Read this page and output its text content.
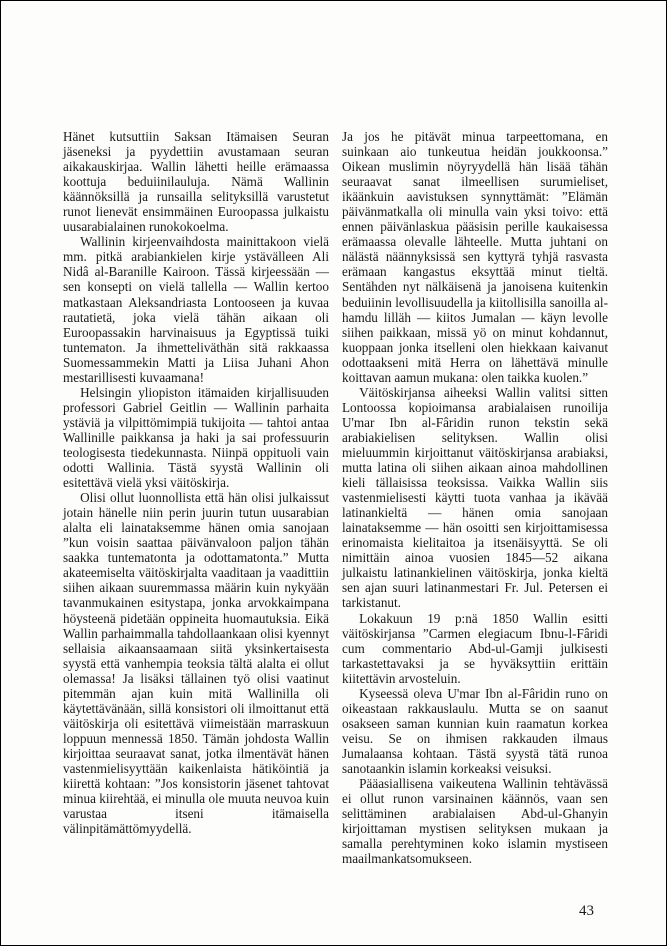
Hänet kutsuttiin Saksan Itämaisen Seuran jäseneksi ja pyydettiin avustamaan seuran aikakauskirjaa. Wallin lähetti heille erämaassa koottuja beduiinilauluja. Nämä Wallinin käännöksillä ja runsailla selityksillä varustetut runot lienevät ensimmäinen Euroopassa julkaistu uusarabialainen runokokoelma.

Wallinin kirjeenvaihdosta mainittakoon vielä mm. pitkä arabiankielen kirje ystävälleen Ali Nidâ al-Baranille Kairoon. Tässä kirjeessään — sen konsepti on vielä tallella — Wallin kertoo matkastaan Aleksandriasta Lontooseen ja kuvaa rautatietä, joka vielä tähän aikaan oli Euroopassakin harvinaisuus ja Egyptissä tuiki tuntematon. Ja ihmetteliväthän sitä rakkaassa Suomessammekin Matti ja Liisa Juhani Ahon mestarillisesti kuvaamana!

Helsingin yliopiston itämaiden kirjallisuuden professori Gabriel Geitlin — Wallinin parhaita ystäviä ja vilpittömimpiä tukijoita — tahtoi antaa Wallinille paikkansa ja haki ja sai professuurin teologisesta tiedekunnasta. Niinpä oppituoli vain odotti Wallinia. Tästä syystä Wallinin oli esitettävä vielä yksi väitöskirja.

Olisi ollut luonnollista että hän olisi julkaissut jotain hänelle niin perin juurin tutun uusarabian alalta eli lainataksemme hänen omia sanojaan ”kun voisin saattaa päivänvaloon paljon tähän saakka tuntematonta ja odottamatonta.” Mutta akateemiselta väitöskirjalta vaaditaan ja vaadittiin siihen aikaan suuremmassa määrin kuin nykyään tavanmukainen esitystapa, jonka arvokkaimpana höysteenä pidetään oppineita huomautuksia. Eikä Wallin parhaimmalla tahdollaankaan olisi kyennyt sellaisia aikaansaamaan siitä yksinkertaisesta syystä että vanhempia teoksia tältä alalta ei ollut olemassa! Ja lisäksi tällainen työ olisi vaatinut pitemmän ajan kuin mitä Wallinilla oli käytettävänään, sillä konsistori oli ilmoittanut että väitöskirja oli esitettävä viimeistään marraskuun loppuun mennessä 1850. Tämän johdosta Wallin kirjoittaa seuraavat sanat, jotka ilmentävät hänen vastenmielisyyttään kaikenlaista hätiköintiä ja kiirettä kohtaan: ”Jos konsistorin jäsenet tahtovat minua kiirehtää, ei minulla ole muuta neuvoa kuin varustaa itseni itämaisella välinpitämättömyydellä.

Ja jos he pitävät minua tarpeettomana, en suinkaan aio tunkeutua heidän joukkoonsa.” Oikean muslimin nöyryydellä hän lisää tähän seuraavat sanat ilmeellisen surumieliset, ikäänkuin aavistuksen synnyttämät: ”Elämän päivänmatkalla oli minulla vain yksi toivo: että ennen päivänlaskua pääsisin perille kaukaisessa erämaassa olevalle lähteelle. Mutta juhtani on nälästä näännyksissä sen kyttyrä tyhjä rasvasta erämaan kangastus eksyttää minut tieltä. Sentähden nyt nälkäisenä ja janoisena kuitenkin beduiinin levollisuudella ja kiitollisilla sanoilla al-hamdu lilläh — kiitos Jumalan — käyn levolle siihen paikkaan, missä yö on minut kohdannut, kuoppaan jonka itselleni olen hiekkaan kaivanut odottaakseni mitä Herra on lähettävä minulle koittavan aamun mukana: olen taikka kuolen.”

Väitöskirjansa aiheeksi Wallin valitsi sitten Lontoossa kopioimansa arabialaisen runoilija U'mar Ibn al-Fâridin runon tekstin sekä arabiakielisen selityksen. Wallin olisi mieluummin kirjoittanut väitöskirjansa arabiaksi, mutta latina oli siihen aikaan ainoa mahdollinen kieli tällaisissa teoksissa. Vaikka Wallin siis vastenmielisesti käytti tuota vanhaa ja ikävää latinankieltä — hänen omia sanojaan lainataksemme — hän osoitti sen kirjoittamisessa erinomaista kielitaitoa ja itsenäisyyttä. Se oli nimittäin ainoa vuosien 1845—52 aikana julkaistu latinankielinen väitöskirja, jonka kieltä sen ajan suuri latinanmestari Fr. Jul. Petersen ei tarkistanut.

Lokakuun 19 p:nä 1850 Wallin esitti väitöskirjansa ”Carmen elegiacum Ibnu-l-Fâridi cum commentario Abd-ul-Gamji julkisesti tarkastettavaksi ja se hyväksyttiin erittäin kiitettävin arvosteluin.

Kyseessä oleva U'mar Ibn al-Fâridin runo on oikeastaan rakkauslaulu. Mutta se on saanut osakseen saman kunnian kuin raamatun korkea veisu. Se on ihmisen rakkauden ilmaus Jumalaansa kohtaan. Tästä syystä tätä runoa sanotaankin islamin korkeaksi veisuksi.

Pääasiallisena vaikeutena Wallinin tehtävässä ei ollut runon varsinainen käännös, vaan sen selittäminen arabialaisen Abd-ul-Ghanyin kirjoittaman mystisen selityksen mukaan ja samalla perehtyminen koko islamin mystiseen maailmankatsomukseen.

43
